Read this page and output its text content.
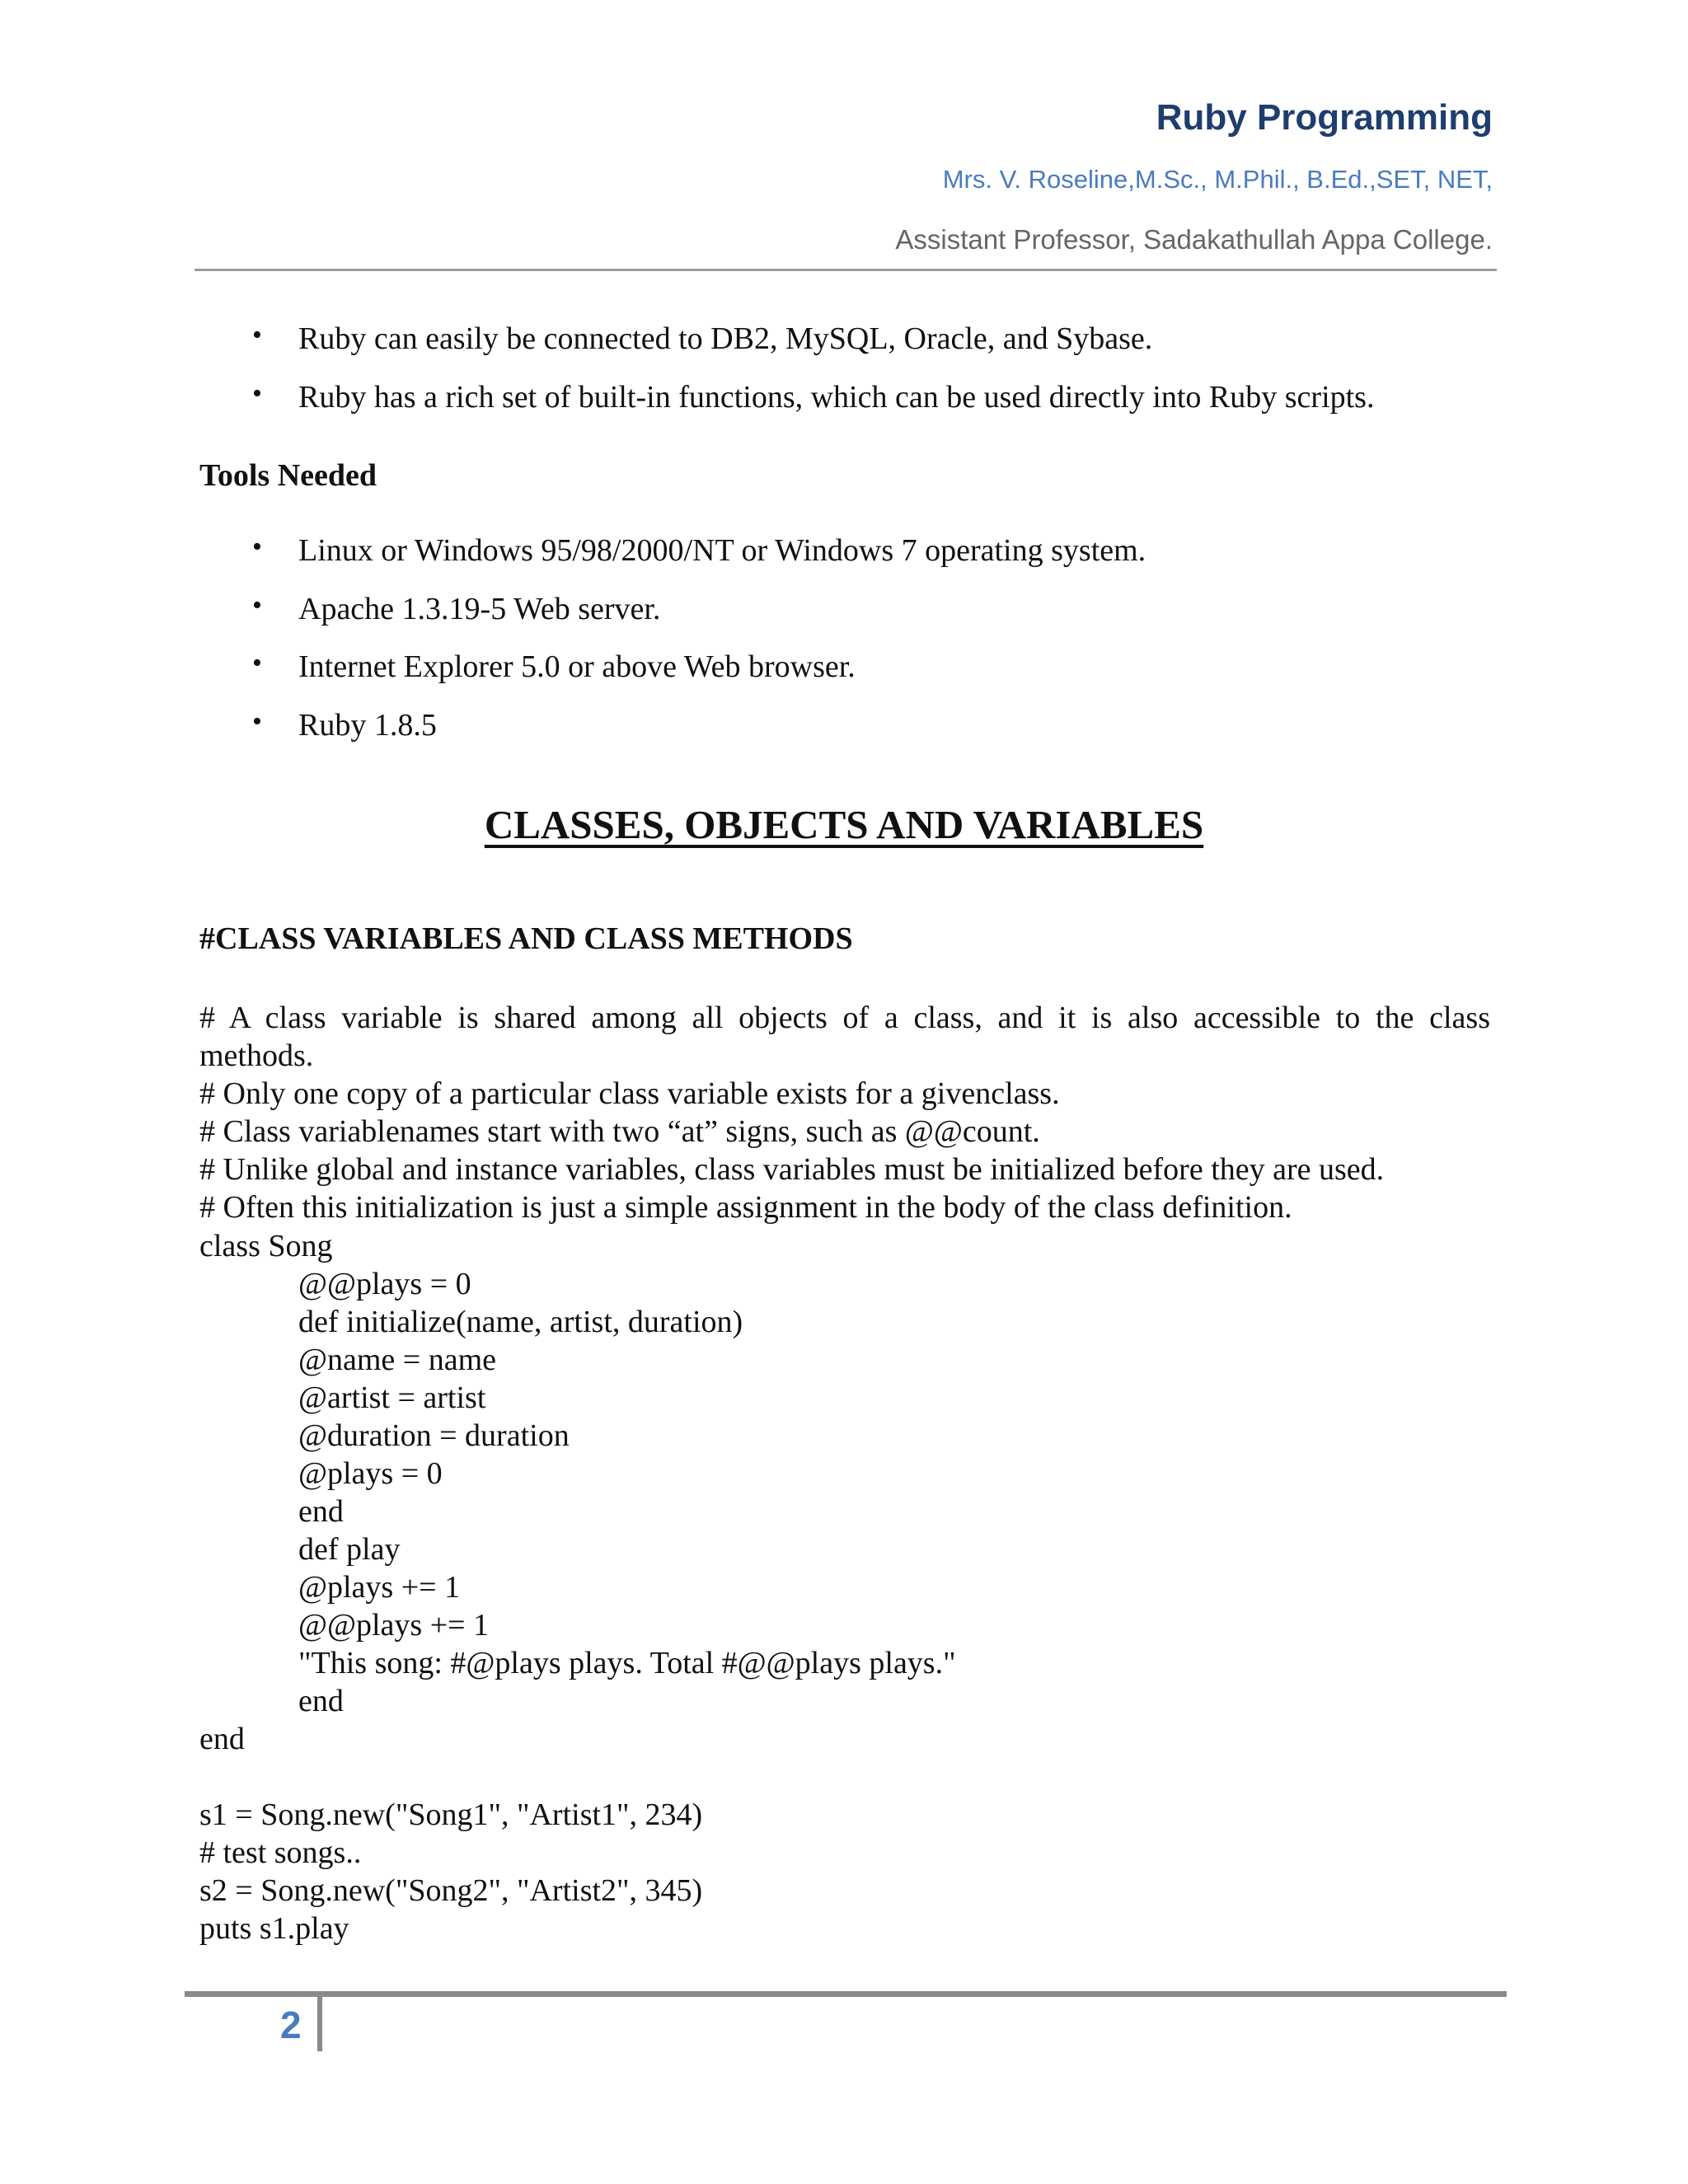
Ruby Programming
Mrs. V. Roseline,M.Sc., M.Phil., B.Ed.,SET, NET,
Assistant Professor, Sadakathullah Appa College.
•	Ruby can easily be connected to DB2, MySQL, Oracle, and Sybase.
•	Ruby has a rich set of built-in functions, which can be used directly into Ruby scripts.
Tools Needed
•	Linux or Windows 95/98/2000/NT or Windows 7 operating system.
•	Apache 1.3.19-5 Web server.
•	Internet Explorer 5.0 or above Web browser.
•	Ruby 1.8.5
CLASSES, OBJECTS AND VARIABLES
#CLASS VARIABLES AND CLASS METHODS
# A class variable is shared among all objects of a class, and it is also accessible to the class
methods.
# Only one copy of a particular class variable exists for a givenclass.
# Class variablenames start with two “at” signs, such as @@count.
# Unlike global and instance variables, class variables must be initialized before they are used.
# Often this initialization is just a simple assignment in the body of the class definition.
class Song
@@plays = 0
def initialize(name, artist, duration)
@name = name
@artist = artist
@duration = duration
@plays = 0
end
def play
@plays += 1
@@plays += 1
"This song: #@plays plays. Total #@@plays plays."
end
end
s1 = Song.new("Song1", "Artist1", 234)
# test songs..
s2 = Song.new("Song2", "Artist2", 345)
puts s1.play
2
